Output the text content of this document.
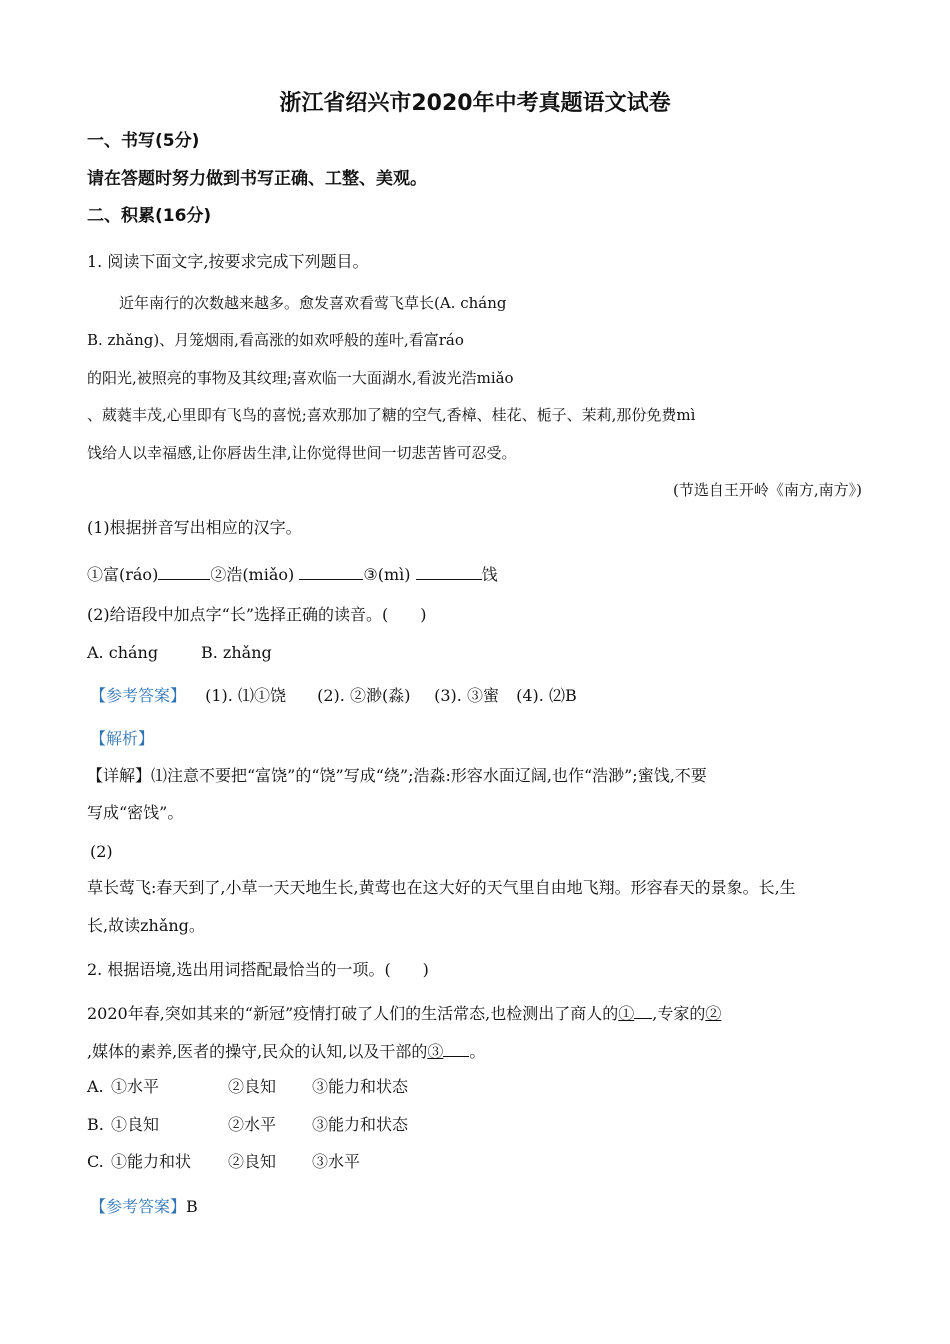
浙江省绍兴市2020年中考真题语文试卷
一、书写(5分)
请在答题时努力做到书写正确、工整、美观。
二、积累(16分)
1. 阅读下面文字,按要求完成下列题目。
近年南行的次数越来越多。愈发喜欢看莺飞草长(A. cháng
B. zhǎng)、月笼烟雨,看高涨的如欢呼般的莲叶,看富ráo
的阳光,被照亮的事物及其纹理;喜欢临一大面湖水,看波光浩miǎo
、葳蕤丰茂,心里即有飞鸟的喜悦;喜欢那加了糖的空气,香樟、桂花、栀子、茉莉,那份免费mì
饯给人以幸福感,让你唇齿生津,让你觉得世间一切悲苦皆可忍受。
(节选自王开岭《南方,南方》)
(1)根据拼音写出相应的汉字。
①富(ráo)	②浩(miǎo)	③(mì)	饯
(2)给语段中加点字“长”选择正确的读音。(　　)
A. cháng	B. zhǎng
【参考答案】 (1). ⑴①饶 (2). ②渺(淼) (3). ③蜜 (4). ⑵B
【解析】
【详解】⑴注意不要把“富饶”的“饶”写成“绕”;浩淼:形容水面辽阔,也作“浩渺”;蜜饯,不要
写成“密饯”。
(2)
草长莺飞:春天到了,小草一天天地生长,黄莺也在这大好的天气里自由地飞翔。形容春天的景象。长,生
长,故读zhǎng。
2. 根据语境,选出用词搭配最恰当的一项。(　　)
2020年春,突如其来的“新冠”疫情打破了人们的生活常态,也检测出了商人的① ,专家的②
,媒体的素养,医者的操守,民众的认知,以及干部的③ 。
A. ①水平	②良知 ③能力和状态
B. ①良知	②水平 ③能力和状态
C. ①能力和状 ②良知 ③水平
【参考答案】B
